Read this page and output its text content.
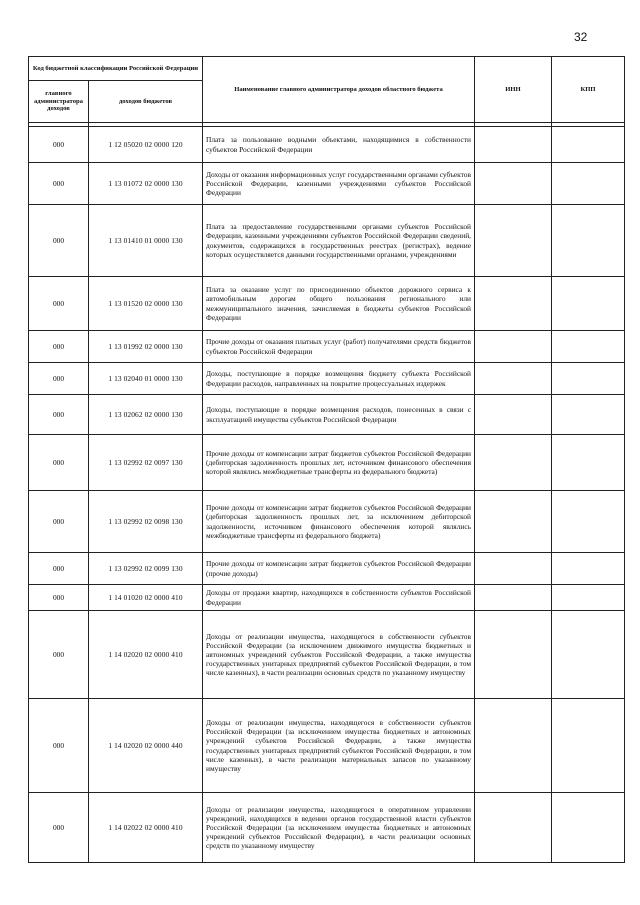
32
Код бюджетной классификации Российской Федерации		Наименование главного администратора доходов областного бюджета	ИНН	КПП
главного администратора доходов	доходов бюджетов			

000	1 12 05020 02 0000 120	Плата за пользование водными объектами, находящимися в собственности субъектов Российской Федерации		
000	1 13 01072 02 0000 130	Доходы от оказания информационных услуг государственными органами субъектов Российской Федерации, казенными учреждениями субъектов Российской Федерации		
000	1 13 01410 01 0000 130	Плата за предоставление государственными органами субъектов Российской Федерации, казенными учреждениями субъектов Российской Федерации сведений, документов, содержащихся в государственных реестрах (регистрах), ведение которых осуществляется данными государственными органами, учреждениями		
000	1 13 01520 02 0000 130	Плата за оказание услуг по присоединению объектов дорожного сервиса к автомобильным дорогам общего пользования регионального или межмуниципального значения, зачисляемая в бюджеты субъектов Российской Федерации		
000	1 13 01992 02 0000 130	Прочие доходы от оказания платных услуг (работ) получателями средств бюджетов субъектов Российской Федерации		
000	1 13 02040 01 0000 130	Доходы, поступающие в порядке возмещения бюджету субъекта Российской Федерации расходов, направленных на покрытие процессуальных издержек		
000	1 13 02062 02 0000 130	Доходы, поступающие в порядке возмещения расходов, понесенных в связи с эксплуатацией имущества субъектов Российской Федерации		
000	1 13 02992 02 0097 130	Прочие доходы от компенсации затрат бюджетов субъектов Российской Федерации (дебиторская задолженность прошлых лет, источником финансового обеспечения которой являлись межбюджетные трансферты из федерального бюджета)		
000	1 13 02992 02 0098 130	Прочие доходы от компенсации затрат бюджетов субъектов Российской Федерации (дебиторская задолженность прошлых лет, за исключением дебиторской задолженности, источником финансового обеспечения которой являлись межбюджетные трансферты из федерального бюджета)		
000	1 13 02992 02 0099 130	Прочие доходы от компенсации затрат бюджетов субъектов Российской Федерации (прочие доходы)		
000	1 14 01020 02 0000 410	Доходы от продажи квартир, находящихся в собственности субъектов Российской Федерации		
000	1 14 02020 02 0000 410	Доходы от реализации имущества, находящегося в собственности субъектов Российской Федерации (за исключением движимого имущества бюджетных и автономных учреждений субъектов Российской Федерации, а также имущества государственных унитарных предприятий субъектов Российской Федерации, в том числе казенных), в части реализации основных средств по указанному имуществу		
000	1 14 02020 02 0000 440	Доходы от реализации имущества, находящегося в собственности субъектов Российской Федерации (за исключением имущества бюджетных и автономных учреждений субъектов Российской Федерации, а также имущества государственных унитарных предприятий субъектов Российской Федерации, в том числе казенных), в части реализации материальных запасов по указанному имуществу		
000	1 14 02022 02 0000 410	Доходы от реализации имущества, находящегося в оперативном управлении учреждений, находящихся в ведении органов государственной власти субъектов Российской Федерации (за исключением имущества бюджетных и автономных учреждений субъектов Российской Федерации), в части реализации основных средств по указанному имуществу		
